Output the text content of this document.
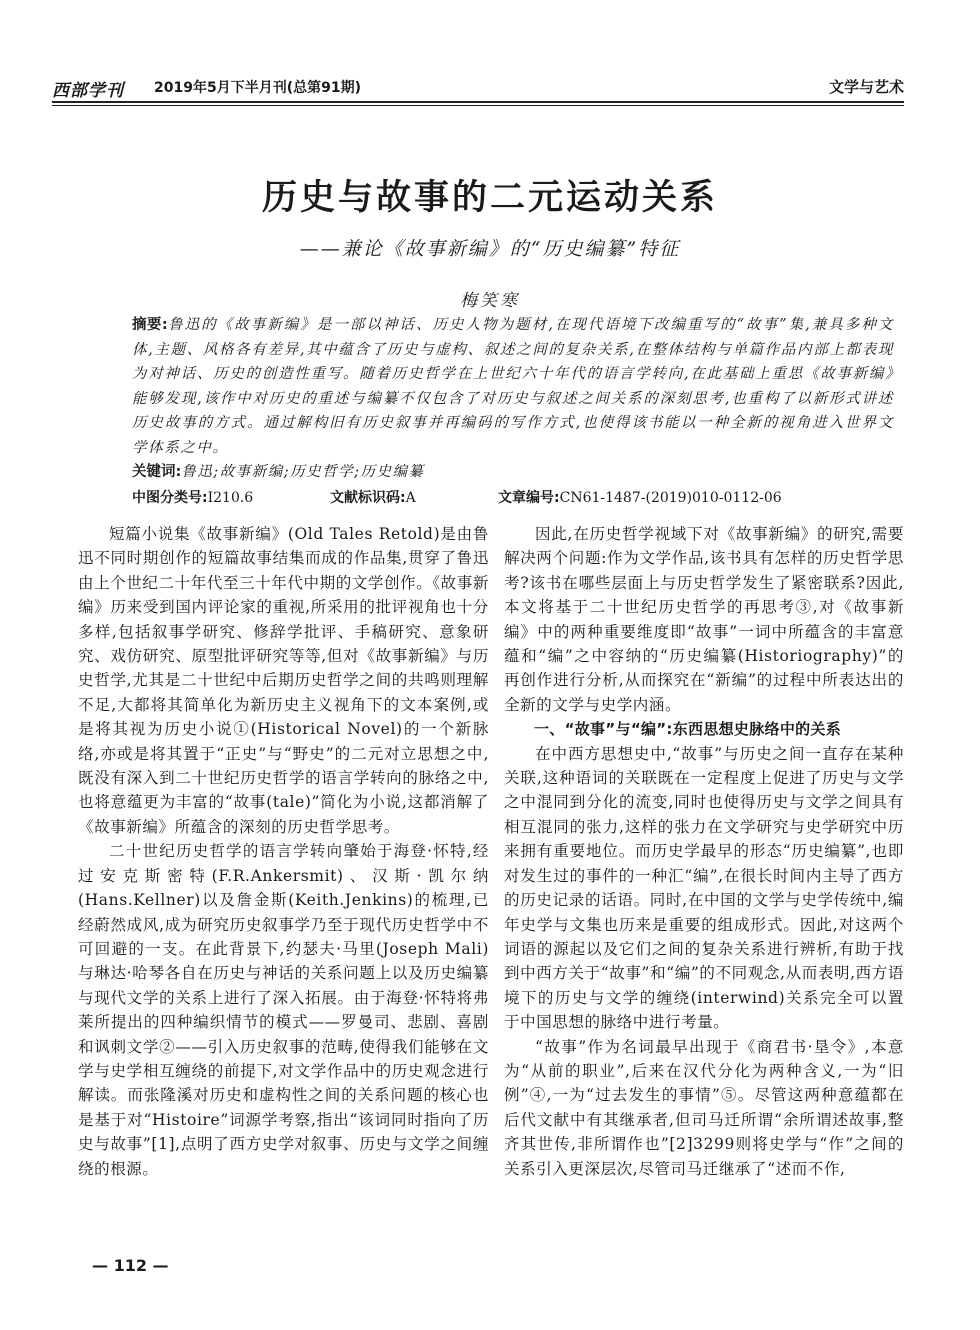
西部学刊 2019年5月下半月刊(总第91期)	文学与艺术
历史与故事的二元运动关系
——兼论《故事新编》的“历史编纂”特征
梅笑寒
摘要:鲁迅的《故事新编》是一部以神话、历史人物为题材,在现代语境下改编重写的“故事”集,兼具多种文体,主题、风格各有差异,其中蕴含了历史与虚构、叙述之间的复杂关系,在整体结构与单篇作品内部上都表现为对神话、历史的创造性重写。随着历史哲学在上世纪六十年代的语言学转向,在此基础上重思《故事新编》能够发现,该作中对历史的重述与编纂不仅包含了对历史与叙述之间关系的深刻思考,也重构了以新形式讲述历史故事的方式。通过解构旧有历史叙事并再编码的写作方式,也使得该书能以一种全新的视角进入世界文学体系之中。
关键词:鲁迅;故事新编;历史哲学;历史编纂
中图分类号:I210.6	文献标识码:A	文章编号:CN61-1487-(2019)010-0112-06

短篇小说集《故事新编》(Old Tales Retold)是由鲁迅不同时期创作的短篇故事结集而成的作品集,贯穿了鲁迅由上个世纪二十年代至三十年代中期的文学创作。《故事新编》历来受到国内评论家的重视,所采用的批评视角也十分多样,包括叙事学研究、修辞学批评、手稿研究、意象研究、戏仿研究、原型批评研究等等,但对《故事新编》与历史哲学,尤其是二十世纪中后期历史哲学之间的共鸣则理解不足,大都将其简单化为新历史主义视角下的文本案例,或是将其视为历史小说①(Historical Novel)的一个新脉络,亦或是将其置于“正史”与“野史”的二元对立思想之中,既没有深入到二十世纪历史哲学的语言学转向的脉络之中,也将意蕴更为丰富的“故事(tale)”简化为小说,这都消解了《故事新编》所蕴含的深刻的历史哲学思考。

二十世纪历史哲学的语言学转向肇始于海登·怀特,经过安克斯密特(F.R.Ankersmit)、汉斯·凯尔纳(Hans.Kellner)以及詹金斯(Keith.Jenkins)的梳理,已经蔚然成风,成为研究历史叙事学乃至于现代历史哲学中不可回避的一支。在此背景下,约瑟夫·马里(Joseph Mali)与琳达·哈琴各自在历史与神话的关系问题上以及历史编纂与现代文学的关系上进行了深入拓展。由于海登·怀特将弗莱所提出的四种编织情节的模式——罗曼司、悲剧、喜剧和讽刺文学②——引入历史叙事的范畴,使得我们能够在文学与史学相互缠绕的前提下,对文学作品中的历史观念进行解读。而张隆溪对历史和虚构性之间的关系问题的核心也是基于对“Histoire”词源学考察,指出“该词同时指向了历史与故事”[1],点明了西方史学对叙事、历史与文学之间缠绕的根源。

因此,在历史哲学视域下对《故事新编》的研究,需要解决两个问题:作为文学作品,该书具有怎样的历史哲学思考?该书在哪些层面上与历史哲学发生了紧密联系?因此,本文将基于二十世纪历史哲学的再思考③,对《故事新编》中的两种重要维度即“故事”一词中所蕴含的丰富意蕴和“编”之中容纳的“历史编纂(Historiography)”的再创作进行分析,从而探究在“新编”的过程中所表达出的全新的文学与史学内涵。

一、“故事”与“编”:东西思想史脉络中的关系

在中西方思想史中,“故事”与历史之间一直存在某种关联,这种语词的关联既在一定程度上促进了历史与文学之中混同到分化的流变,同时也使得历史与文学之间具有相互混同的张力,这样的张力在文学研究与史学研究中历来拥有重要地位。而历史学最早的形态“历史编纂”,也即对发生过的事件的一种汇“编”,在很长时间内主导了西方的历史记录的话语。同时,在中国的文学与史学传统中,编年史学与文集也历来是重要的组成形式。因此,对这两个词语的源起以及它们之间的复杂关系进行辨析,有助于找到中西方关于“故事”和“编”的不同观念,从而表明,西方语境下的历史与文学的缠绕(interwind)关系完全可以置于中国思想的脉络中进行考量。

“故事”作为名词最早出现于《商君书·垦令》,本意为“从前的职业”,后来在汉代分化为两种含义,一为“旧例”④,一为“过去发生的事情”⑤。尽管这两种意蕴都在后代文献中有其继承者,但司马迁所谓“余所谓述故事,整齐其世传,非所谓作也”[2]3299则将史学与“作”之间的关系引入更深层次,尽管司马迁继承了“述而不作,

— 112 —
